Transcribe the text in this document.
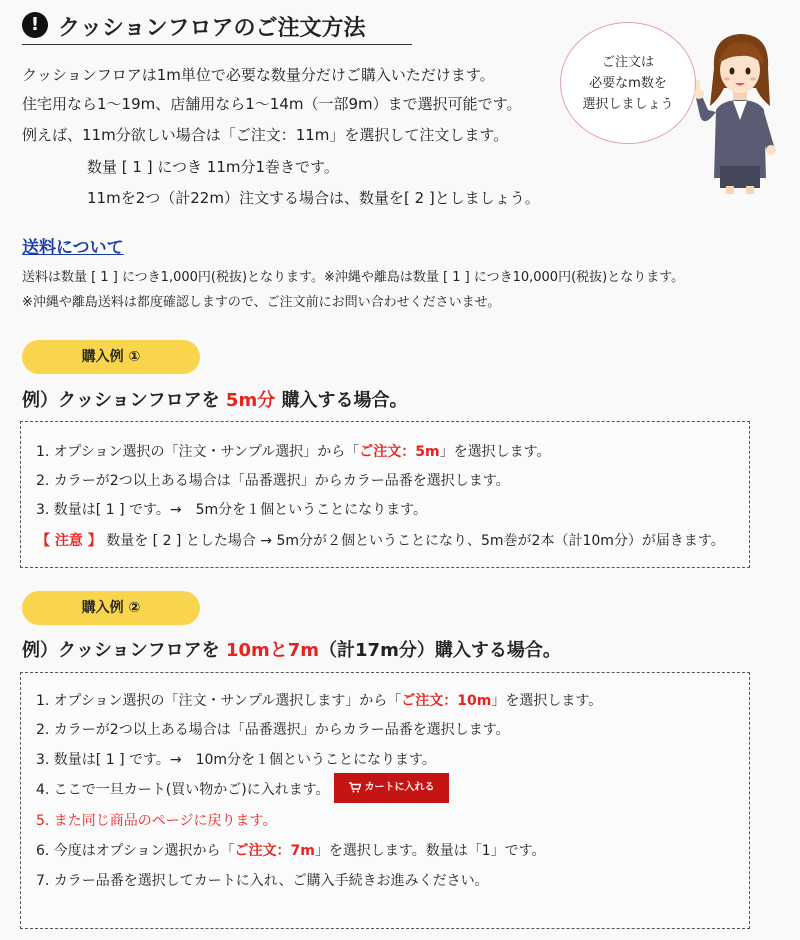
! クッションフロアのご注文方法

クッションフロアは1m単位で必要な数量分だけご購入いただけます。

住宅用なら1～19m、店舗用なら1～14m（一部9m）まで選択可能です。

例えば、11m分欲しい場合は「ご注文：11m」を選択して注文します。

数量 [ 1 ] につき 11m分1巻きです。

11mを2つ（計22m）注文する場合は、数量を[ 2 ]としましょう。

ご注文は
必要なm数を
選択しましょう
送料について

送料は数量 [ 1 ] につき1,000円(税抜)となります。※沖縄や離島は数量 [ 1 ] につき10,000円(税抜)となります。

※沖縄や離島送料は都度確認しますので、ご注文前にお問い合わせくださいませ。

購入例 ①

例）クッションフロアを 5m分 購入する場合。

1. オプション選択の「注文・サンプル選択」から「ご注文：5m」を選択します。

2. カラーが2つ以上ある場合は「品番選択」からカラー品番を選択します。

3. 数量は[ 1 ] です。→　5m分を１個ということになります。

【 注意 】 数量を [ 2 ] とした場合 → 5m分が２個ということになり、5m巻が2本（計10m分）が届きます。

購入例 ②

例）クッションフロアを 10mと7m（計17m分）購入する場合。

1. オプション選択の「注文・サンプル選択します」から「ご注文：10m」を選択します。

2. カラーが2つ以上ある場合は「品番選択」からカラー品番を選択します。

3. 数量は[ 1 ] です。→　10m分を１個ということになります。

4. ここで一旦カート(買い物かご)に入れます。	カートに入れる

5. また同じ商品のページに戻ります。

6. 今度はオプション選択から「ご注文：7m」を選択します。数量は「1」です。

7. カラー品番を選択してカートに入れ、ご購入手続きお進みください。
